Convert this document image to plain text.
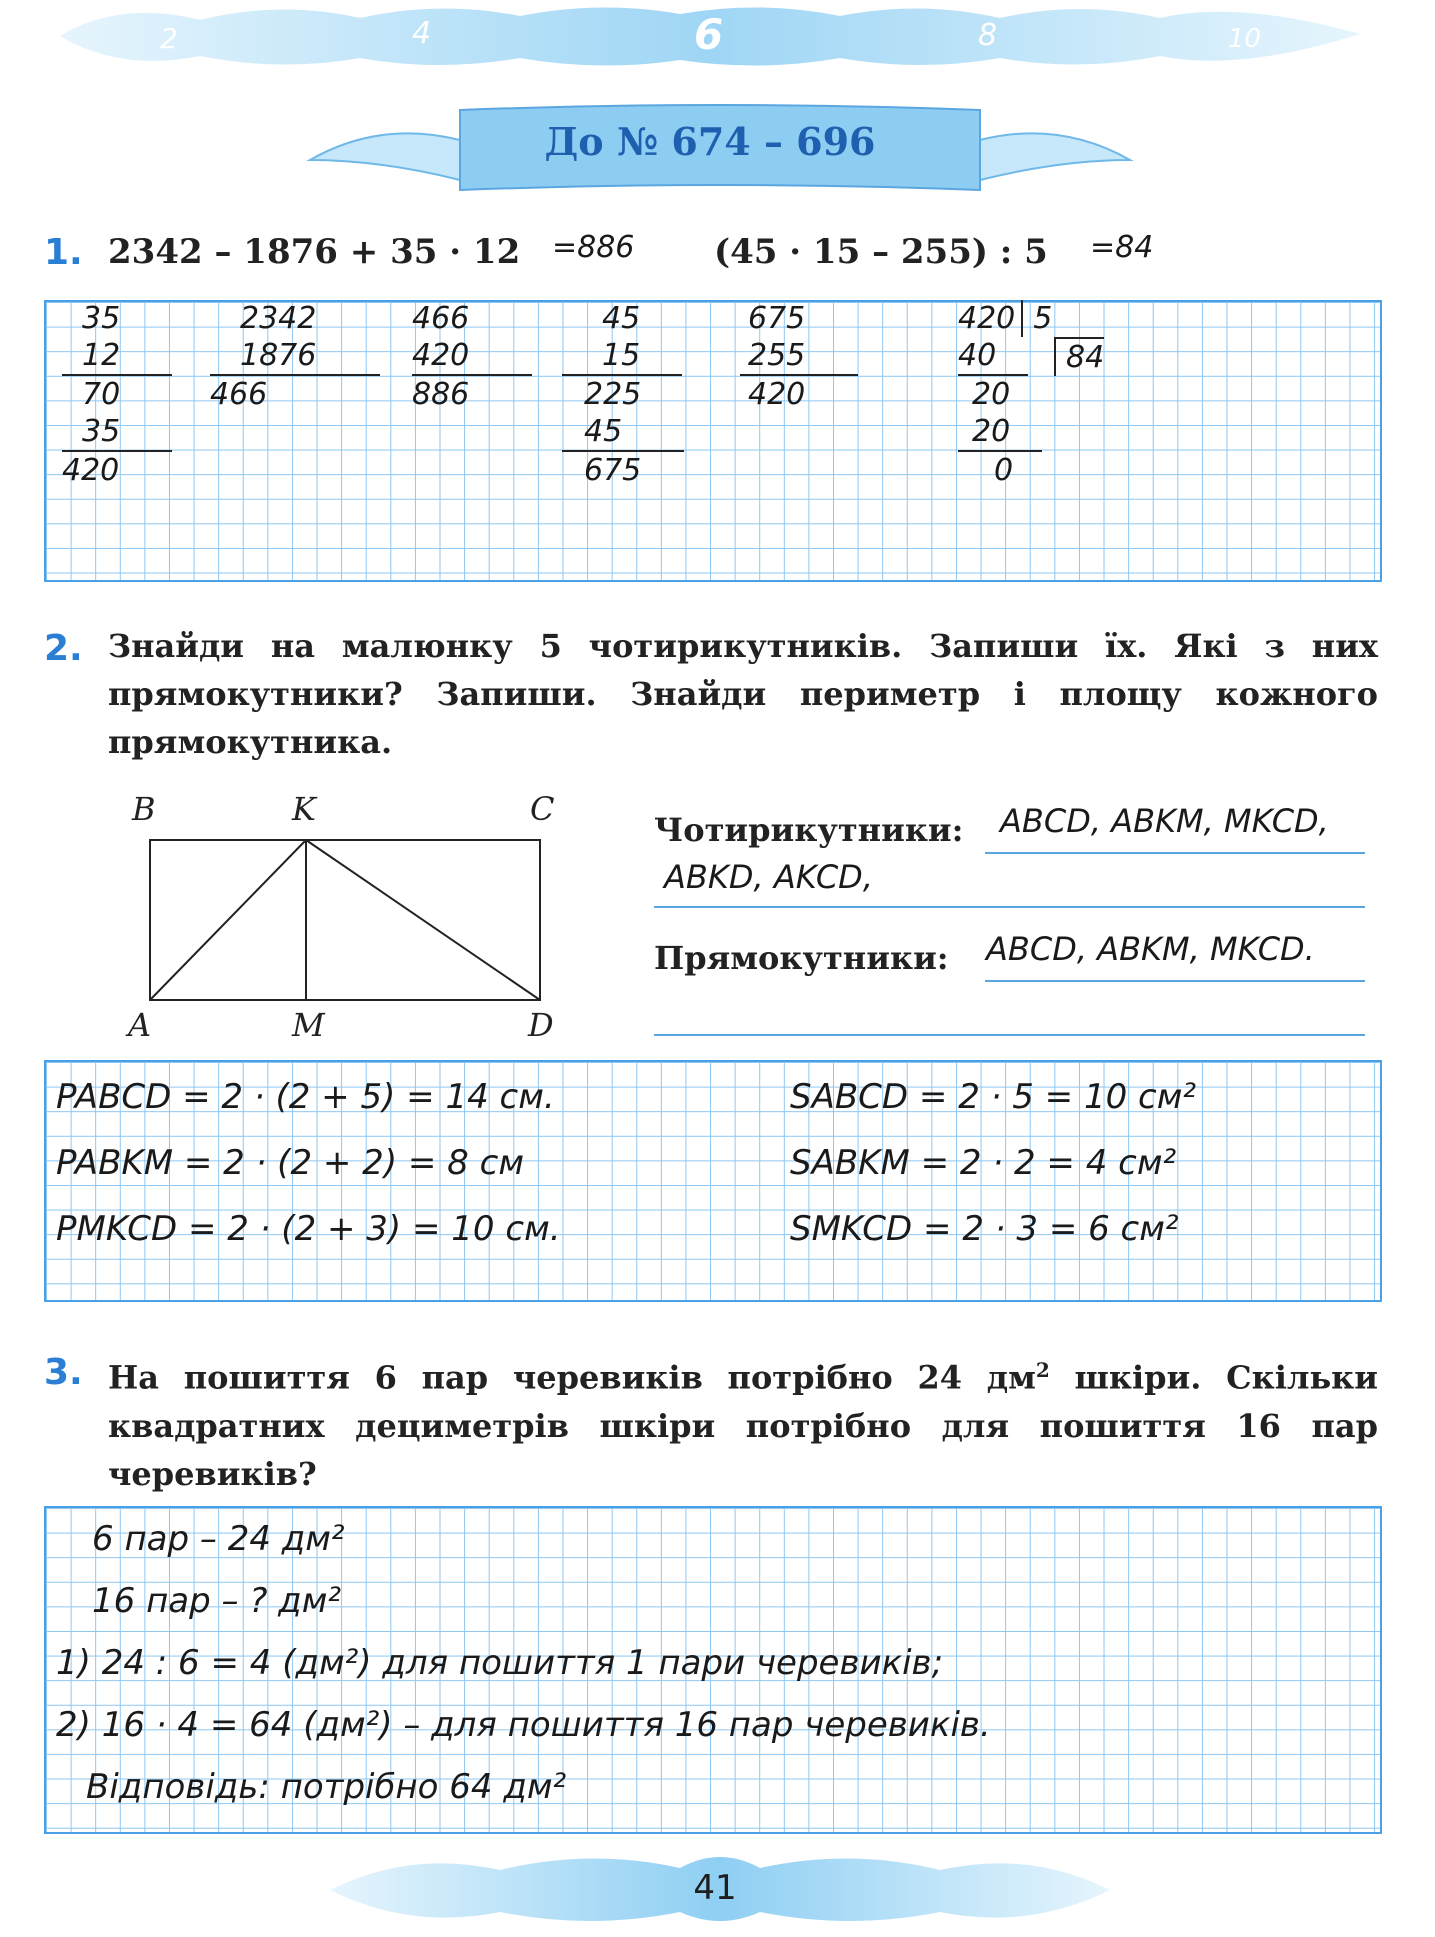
2	4	6	8	10
До № 674 – 696
1. 2342 – 1876 + 35 · 12 =886 (45 · 15 – 255) : 5 =84
35
12
70
35
420
2342
1876
466
466
420
886
45
15
225
45
675
675
255
420
420 5
40	84
20
20
0
2. Знайди на малюнку 5 чотирикутників. Запиши їх. Які з них прямокутники? Запиши. Знайди периметр і площу кожного прямокутника.
B	K	C
A	M	D
Чотирикутники: ABCD, ABKM, MKCD,
ABKD, AKCD,
Прямокутники: ABCD, ABKM, MKCD.
PABCD = 2 · (2 + 5) = 14 см.
PABKM = 2 · (2 + 2) = 8 см
PMKCD = 2 · (2 + 3) = 10 см.
SABCD = 2 · 5 = 10 см²
SABKM = 2 · 2 = 4 см²
SMKCD = 2 · 3 = 6 см²
3. На пошиття 6 пар черевиків потрібно 24 $дм^2$ шкіри. Скільки квадратних дециметрів шкіри потрібно для пошиття 16 пар черевиків?
6 пар – 24 дм²
16 пар – ? дм²
1) 24 : 6 = 4 (дм²) для пошиття 1 пари черевиків;
2) 16 · 4 = 64 (дм²) – для пошиття 16 пар черевиків.
Відповідь: потрібно 64 дм²
41
